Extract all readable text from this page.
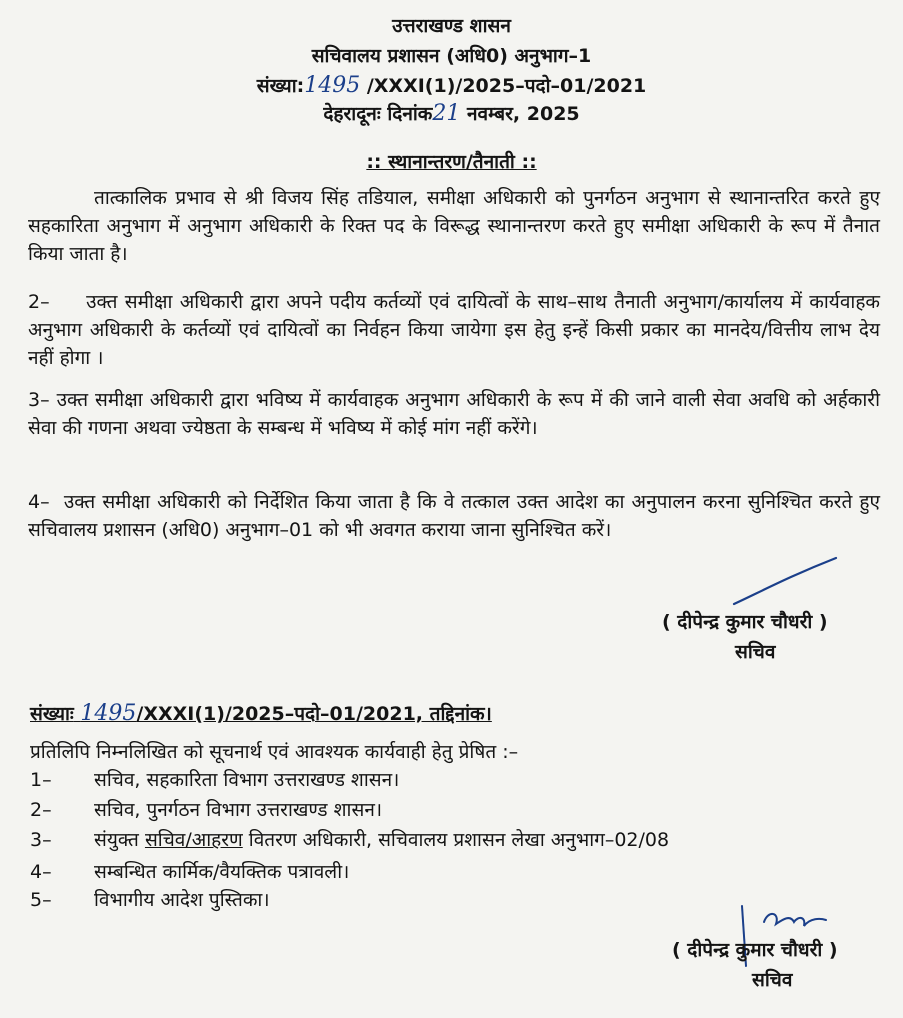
उत्तराखण्ड शासन
सचिवालय प्रशासन (अधि0) अनुभाग–1
संख्या:1495 /XXXI(1)/2025–पदो–01/2021
देहरादूनः दिनांक21 नवम्बर, 2025
:: स्थानान्तरण/तैनाती ::
तात्कालिक प्रभाव से श्री विजय सिंह तडियाल, समीक्षा अधिकारी को पुनर्गठन अनुभाग से स्थानान्तरित करते हुए सहकारिता अनुभाग में अनुभाग अधिकारी के रिक्त पद के विरूद्ध स्थानान्तरण करते हुए समीक्षा अधिकारी के रूप में तैनात किया जाता है।
2– उक्त समीक्षा अधिकारी द्वारा अपने पदीय कर्तव्यों एवं दायित्वों के साथ–साथ तैनाती अनुभाग/कार्यालय में कार्यवाहक अनुभाग अधिकारी के कर्तव्यों एवं दायित्वों का निर्वहन किया जायेगा इस हेतु इन्हें किसी प्रकार का मानदेय/वित्तीय लाभ देय नहीं होगा ।
3– उक्त समीक्षा अधिकारी द्वारा भविष्य में कार्यवाहक अनुभाग अधिकारी के रूप में की जाने वाली सेवा अवधि को अर्हकारी सेवा की गणना अथवा ज्येष्ठता के सम्बन्ध में भविष्य में कोई मांग नहीं करेंगे।
4– उक्त समीक्षा अधिकारी को निर्देशित किया जाता है कि वे तत्काल उक्त आदेश का अनुपालन करना सुनिश्चित करते हुए सचिवालय प्रशासन (अधि0) अनुभाग–01 को भी अवगत कराया जाना सुनिश्चित करें।
( दीपेन्द्र कुमार चौधरी )
सचिव
संख्याः 1495/XXXI(1)/2025–पदो–01/2021, तद्दिनांक।
प्रतिलिपि निम्नलिखित को सूचनार्थ एवं आवश्यक कार्यवाही हेतु प्रेषित :–
1– सचिव, सहकारिता विभाग उत्तराखण्ड शासन।
2– सचिव, पुनर्गठन विभाग उत्तराखण्ड शासन।
3– संयुक्त सचिव/आहरण वितरण अधिकारी, सचिवालय प्रशासन लेखा अनुभाग–02/08
4– सम्बन्धित कार्मिक/वैयक्तिक पत्रावली।
5– विभागीय आदेश पुस्तिका।
( दीपेन्द्र कुमार चौधरी )
सचिव
